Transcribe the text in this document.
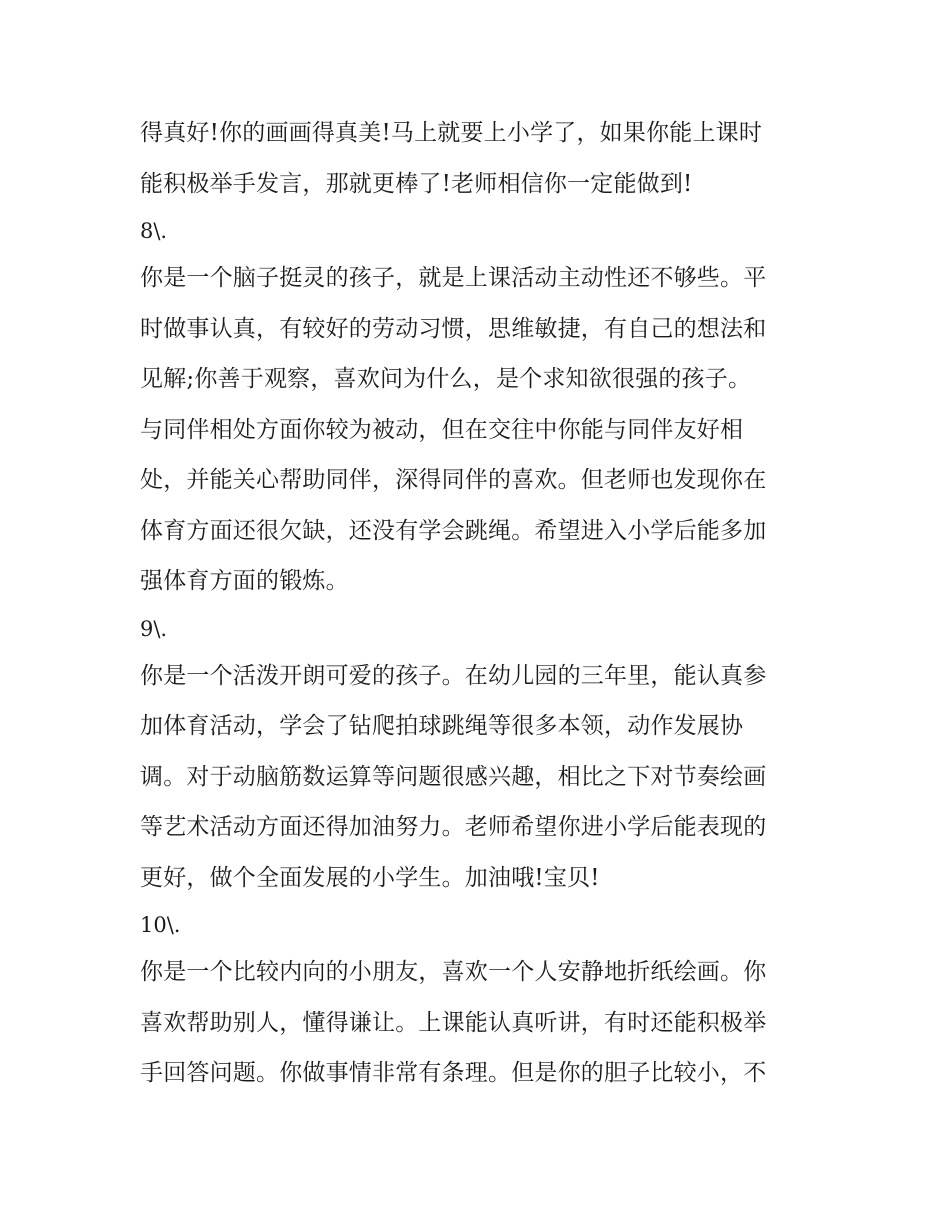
得真好!你的画画得真美!马上就要上小学了，如果你能上课时
能积极举手发言，那就更棒了!老师相信你一定能做到!
8\.
你是一个脑子挺灵的孩子，就是上课活动主动性还不够些。平
时做事认真，有较好的劳动习惯，思维敏捷，有自己的想法和
见解;你善于观察，喜欢问为什么，是个求知欲很强的孩子。
与同伴相处方面你较为被动，但在交往中你能与同伴友好相
处，并能关心帮助同伴，深得同伴的喜欢。但老师也发现你在
体育方面还很欠缺，还没有学会跳绳。希望进入小学后能多加
强体育方面的锻炼。
9\.
你是一个活泼开朗可爱的孩子。在幼儿园的三年里，能认真参
加体育活动，学会了钻爬拍球跳绳等很多本领，动作发展协
调。对于动脑筋数运算等问题很感兴趣，相比之下对节奏绘画
等艺术活动方面还得加油努力。老师希望你进小学后能表现的
更好，做个全面发展的小学生。加油哦!宝贝!
10\.
你是一个比较内向的小朋友，喜欢一个人安静地折纸绘画。你
喜欢帮助别人，懂得谦让。上课能认真听讲，有时还能积极举
手回答问题。你做事情非常有条理。但是你的胆子比较小，不
